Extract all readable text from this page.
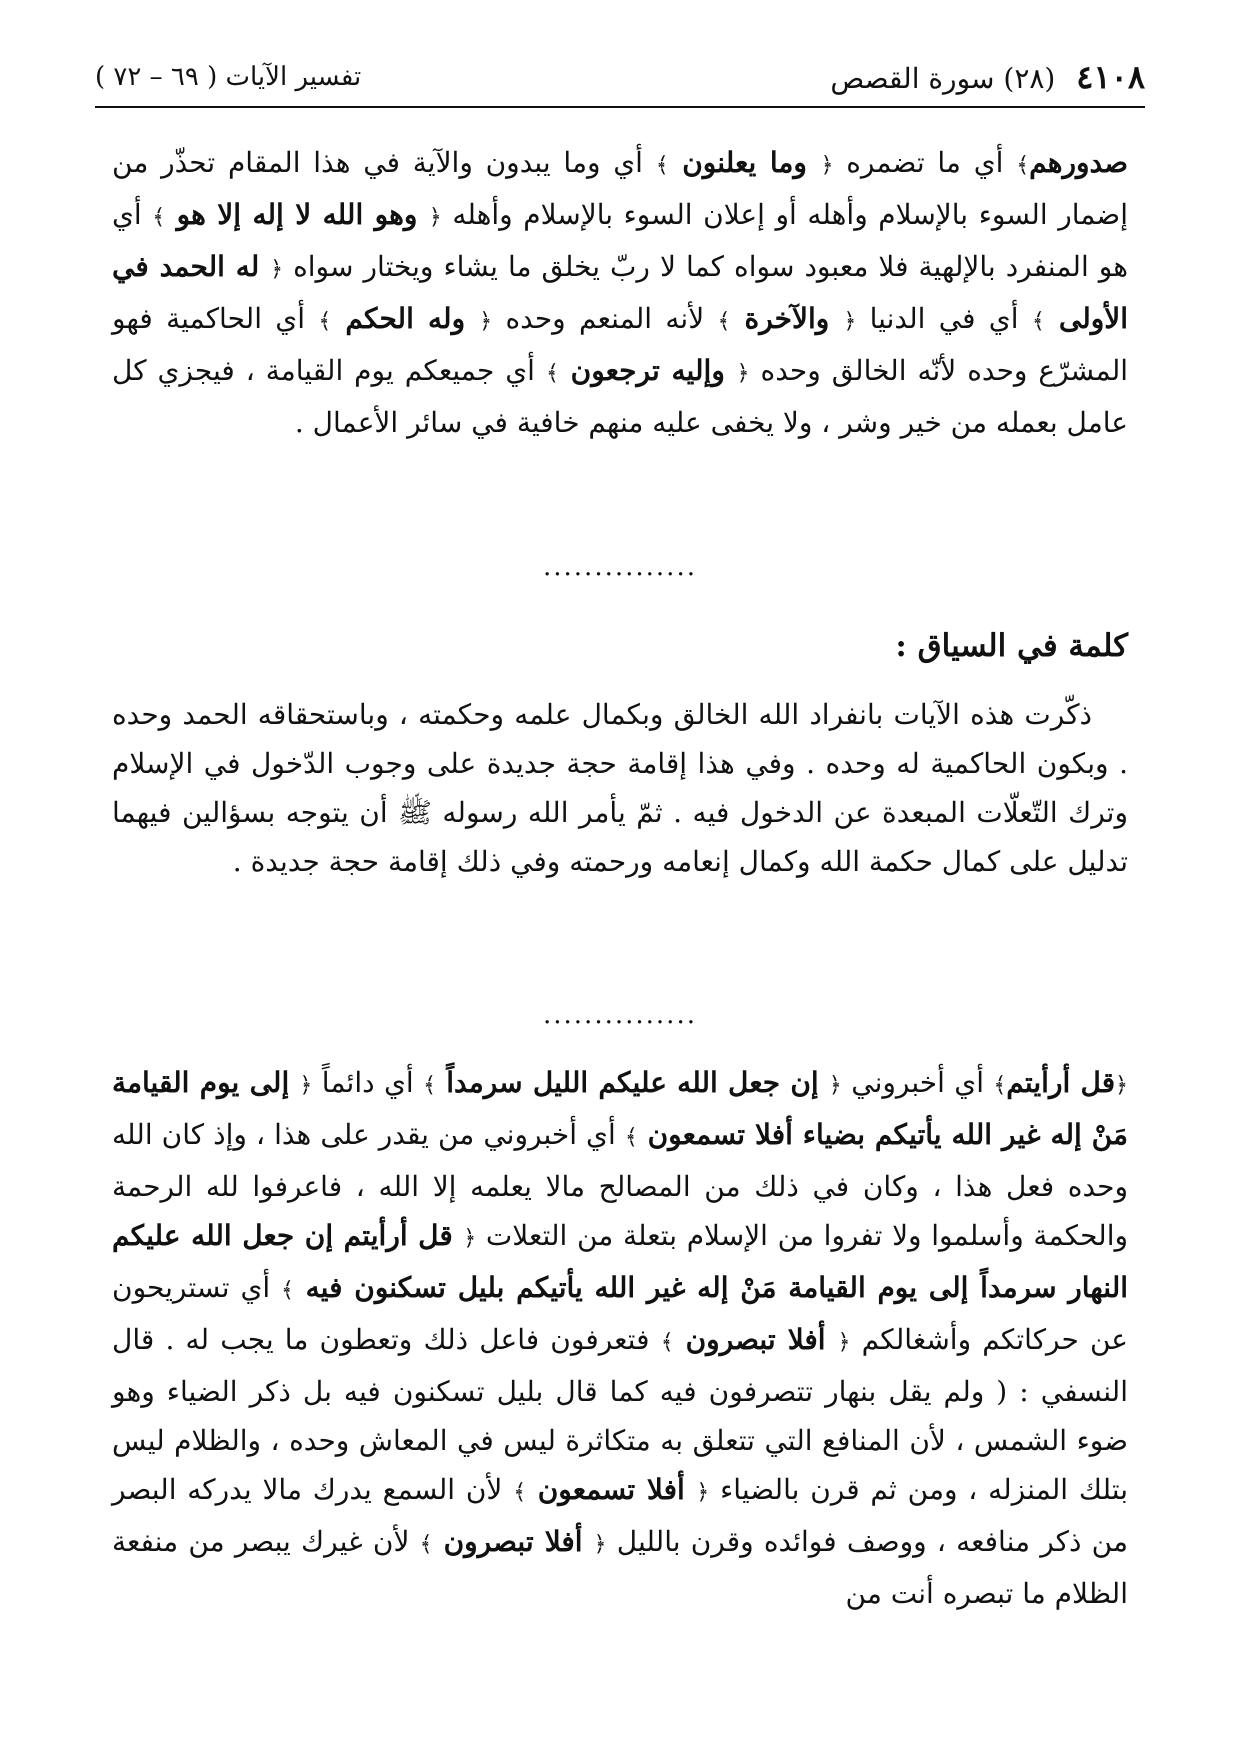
٤١٠٨ (٢٨) سورة القصص
تفسير الآيات ( ٦٩ – ٧٢ )

صدورهم﴾ أي ما تضمره ﴿ وما يعلنون ﴾ أي وما يبدون والآية في هذا المقام تحذّر من إضمار السوء بالإسلام وأهله أو إعلان السوء بالإسلام وأهله ﴿ وهو الله لا إله إلا هو ﴾ أي هو المنفرد بالإلهية فلا معبود سواه كما لا ربّ يخلق ما يشاء ويختار سواه ﴿ له الحمد في الأولى ﴾ أي في الدنيا ﴿ والآخرة ﴾ لأنه المنعم وحده ﴿ وله الحكم ﴾ أي الحاكمية فهو المشرّع وحده لأنّه الخالق وحده ﴿ وإليه ترجعون ﴾ أي جميعكم يوم القيامة ، فيجزي كل عامل بعمله من خير وشر ، ولا يخفى عليه منهم خافية في سائر الأعمال .

...............
كلمة في السياق :

ذكّرت هذه الآيات بانفراد الله الخالق وبكمال علمه وحكمته ، وباستحقاقه الحمد وحده . وبكون الحاكمية له وحده . وفي هذا إقامة حجة جديدة على وجوب الدّخول في الإسلام وترك التّعلّات المبعدة عن الدخول فيه . ثمّ يأمر الله رسوله ﷺ أن يتوجه بسؤالين فيهما تدليل على كمال حكمة الله وكمال إنعامه ورحمته وفي ذلك إقامة حجة جديدة .

...............

﴿قل أرأيتم﴾ أي أخبروني ﴿ إن جعل الله عليكم الليل سرمداً ﴾ أي دائماً ﴿ إلى يوم القيامة مَنْ إله غير الله يأتيكم بضياء أفلا تسمعون ﴾ أي أخبروني من يقدر على هذا ، وإذ كان الله وحده فعل هذا ، وكان في ذلك من المصالح مالا يعلمه إلا الله ، فاعرفوا لله الرحمة والحكمة وأسلموا ولا تفروا من الإسلام بتعلة من التعلات ﴿ قل أرأيتم إن جعل الله عليكم النهار سرمداً إلى يوم القيامة مَنْ إله غير الله يأتيكم بليل تسكنون فيه ﴾ أي تستريحون عن حركاتكم وأشغالكم ﴿ أفلا تبصرون ﴾ فتعرفون فاعل ذلك وتعطون ما يجب له . قال النسفي : ( ولم يقل بنهار تتصرفون فيه كما قال بليل تسكنون فيه بل ذكر الضياء وهو ضوء الشمس ، لأن المنافع التي تتعلق به متكاثرة ليس في المعاش وحده ، والظلام ليس بتلك المنزله ، ومن ثم قرن بالضياء ﴿ أفلا تسمعون ﴾ لأن السمع يدرك مالا يدركه البصر من ذكر منافعه ، ووصف فوائده وقرن بالليل ﴿ أفلا تبصرون ﴾ لأن غيرك يبصر من منفعة الظلام ما تبصره أنت من
